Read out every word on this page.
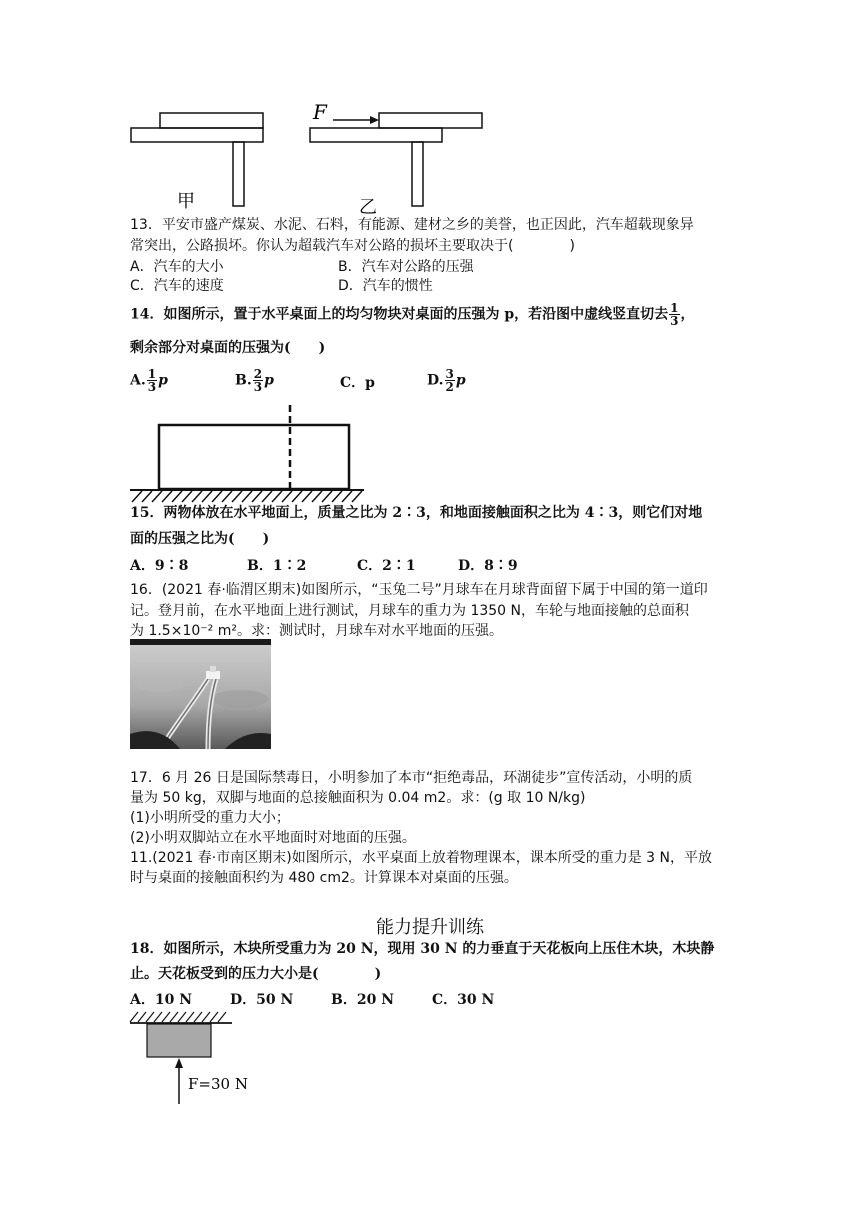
F
甲	乙
13．平安市盛产煤炭、水泥、石料，有能源、建材之乡的美誉，也正因此，汽车超载现象异
常突出，公路损坏。你认为超载汽车对公路的损坏主要取决于(　　　　)
A．汽车的大小	B．汽车对公路的压强
C．汽车的速度	D．汽车的惯性
14．如图所示，置于水平桌面上的均匀物块对桌面的压强为 p，若沿图中虚线竖直切去 $\frac{1}{3}$ ，
剩余部分对桌面的压强为(　　)
A. $\frac{1}{3}$ p	B. $\frac{2}{3}$ p	C．p	D. $\frac{3}{2}$ p
15．两物体放在水平地面上，质量之比为 2∶3，和地面接触面积之比为 4∶3，则它们对地
面的压强之比为(　　)
A．9∶8	B．1∶2	C．2∶1	D．8∶9
16．(2021 春·临渭区期末)如图所示，“玉兔二号”月球车在月球背面留下属于中国的第一道印
记。登月前，在水平地面上进行测试，月球车的重力为 1350 N，车轮与地面接触的总面积
为 1.5×10⁻² m²。求：测试时，月球车对水平地面的压强。
17．6 月 26 日是国际禁毒日，小明参加了本市“拒绝毒品，环湖徒步”宣传活动，小明的质
量为 50 kg，双脚与地面的总接触面积为 0.04 m2。求：(g 取 10 N/kg)
(1)小明所受的重力大小；
(2)小明双脚站立在水平地面时对地面的压强。
11.(2021 春·市南区期末)如图所示，水平桌面上放着物理课本，课本所受的重力是 3 N，平放
时与桌面的接触面积约为 480 cm2。计算课本对桌面的压强。
能力提升训练
18．如图所示，木块所受重力为 20 N，现用 30 N 的力垂直于天花板向上压住木块，木块静
止。天花板受到的压力大小是(　　　　)
A．10 N	D．50 N	B．20 N	C．30 N
F=30 N
